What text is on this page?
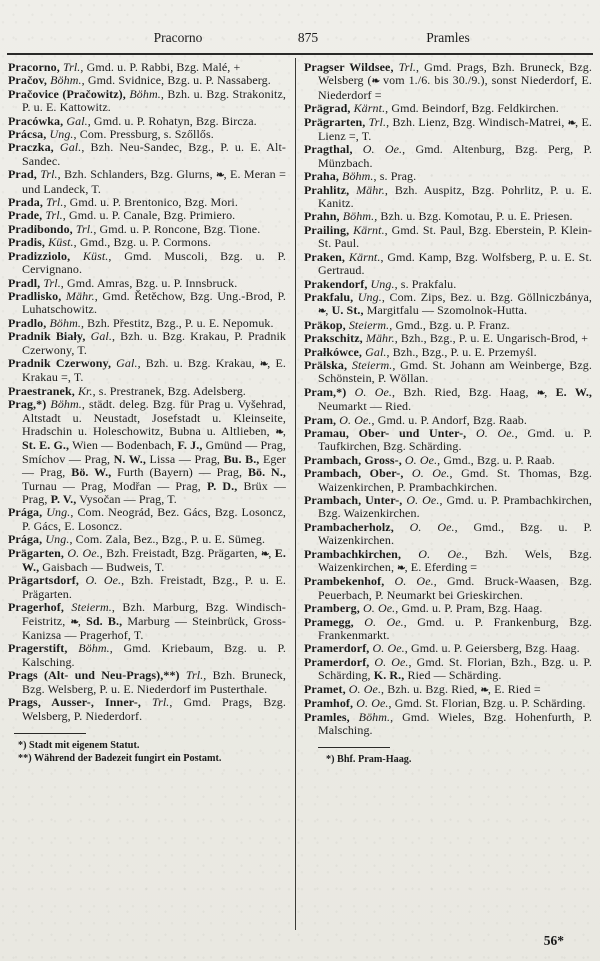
Pracorno	875	Pramles
Pracorno, Trl., Gmd. u. P. Rabbi, Bzg. Malé, +
Pračov, Böhm., Gmd. Svidnice, Bzg. u. P. Nassaberg.
Pračovice (Pračowitz), Böhm., Bzh. u. Bzg. Strakonitz, P. u. E. Kattowitz.
Pracówka, Gal., Gmd. u. P. Rohatyn, Bzg. Bircza.
Prácsa, Ung., Com. Pressburg, s. Szőllős.
Praczka, Gal., Bzh. Neu-Sandec, Bzg., P. u. E. Alt-Sandec.
Prad, Trl., Bzh. Schlanders, Bzg. Glurns, ❧, E. Meran = und Landeck, T.
Prada, Trl., Gmd. u. P. Brentonico, Bzg. Mori.
Prade, Trl., Gmd. u. P. Canale, Bzg. Primiero.
Pradibondo, Trl., Gmd. u. P. Roncone, Bzg. Tione.
Pradis, Küst., Gmd., Bzg. u. P. Cormons.
Pradizziolo, Küst., Gmd. Muscoli, Bzg. u. P. Cervignano.
Pradl, Trl., Gmd. Amras, Bzg. u. P. Innsbruck.
Pradlisko, Mähr., Gmd. Řetěchow, Bzg. Ung.-Brod, P. Luhatschowitz.
Pradlo, Böhm., Bzh. Přestitz, Bzg., P. u. E. Nepomuk.
Pradnik Biały, Gal., Bzh. u. Bzg. Krakau, P. Pradnik Czerwony, T.
Pradnik Czerwony, Gal., Bzh. u. Bzg. Krakau, ❧, E. Krakau =, T.
Praestranek, Kr., s. Prestranek, Bzg. Adelsberg.
Prag,*) Böhm., städt. deleg. Bzg. für Prag u. Vyšehrad, Altstadt u. Neustadt, Josefstadt u. Kleinseite, Hradschin u. Holeschowitz, Bubna u. Altlieben, ❧, St. E. G., Wien — Bodenbach, F. J., Gmünd — Prag, Smíchov — Prag, N. W., Lissa — Prag, Bu. B., Eger — Prag, Bö. W., Furth (Bayern) — Prag, Bö. N., Turnau — Prag, Modřan — Prag, P. D., Brüx — Prag, P. V., Vysočan — Prag, T.
Prága, Ung., Com. Neográd, Bez. Gács, Bzg. Losoncz, P. Gács, E. Losoncz.
Prága, Ung., Com. Zala, Bez., Bzg., P. u. E. Sümeg.
Prägarten, O. Oe., Bzh. Freistadt, Bzg. Prägarten, ❧, E. W., Gaisbach — Budweis, T.
Prägartsdorf, O. Oe., Bzh. Freistadt, Bzg., P. u. E. Prägarten.
Pragerhof, Steierm., Bzh. Marburg, Bzg. Windisch-Feistritz, ❧, Sd. B., Marburg — Steinbrück, Gross-Kanizsa — Pragerhof, T.
Pragerstift, Böhm., Gmd. Kriebaum, Bzg. u. P. Kalsching.
Prags (Alt- und Neu-Prags),**) Trl., Bzh. Bruneck, Bzg. Welsberg, P. u. E. Niederdorf im Pusterthale.
Prags, Ausser-, Inner-, Trl., Gmd. Prags, Bzg. Welsberg, P. Niederdorf.
*) Stadt mit eigenem Statut.
**) Während der Badezeit fungirt ein Postamt.
Pragser Wildsee, Trl., Gmd. Prags, Bzh. Bruneck, Bzg. Welsberg (❧ vom 1./6. bis 30./9.), sonst Niederdorf, E. Niederdorf =
Prägrad, Kärnt., Gmd. Beindorf, Bzg. Feldkirchen.
Prägrarten, Trl., Bzh. Lienz, Bzg. Windisch-Matrei, ❧, E. Lienz =, T.
Pragthal, O. Oe., Gmd. Altenburg, Bzg. Perg, P. Münzbach.
Praha, Böhm., s. Prag.
Prahlitz, Mähr., Bzh. Auspitz, Bzg. Pohrlitz, P. u. E. Kanitz.
Prahn, Böhm., Bzh. u. Bzg. Komotau, P. u. E. Priesen.
Prailing, Kärnt., Gmd. St. Paul, Bzg. Eberstein, P. Klein-St. Paul.
Praken, Kärnt., Gmd. Kamp, Bzg. Wolfsberg, P. u. E. St. Gertraud.
Prakendorf, Ung., s. Prakfalu.
Prakfalu, Ung., Com. Zips, Bez. u. Bzg. Göllniczbánya, ❧, U. St., Margitfalu — Szomolnok-Hutta.
Präkop, Steierm., Gmd., Bzg. u. P. Franz.
Prakschitz, Mähr., Bzh., Bzg., P. u. E. Ungarisch-Brod, +
Prałkówce, Gal., Bzh., Bzg., P. u. E. Przemyśl.
Prälska, Steierm., Gmd. St. Johann am Weinberge, Bzg. Schönstein, P. Wöllan.
Pram,*) O. Oe., Bzh. Ried, Bzg. Haag, ❧, E. W., Neumarkt — Ried.
Pram, O. Oe., Gmd. u. P. Andorf, Bzg. Raab.
Pramau, Ober- und Unter-, O. Oe., Gmd. u. P. Taufkirchen, Bzg. Schärding.
Prambach, Gross-, O. Oe., Gmd., Bzg. u. P. Raab.
Prambach, Ober-, O. Oe., Gmd. St. Thomas, Bzg. Waizenkirchen, P. Prambachkirchen.
Prambach, Unter-, O. Oe., Gmd. u. P. Prambachkirchen, Bzg. Waizenkirchen.
Prambacherholz, O. Oe., Gmd., Bzg. u. P. Waizenkirchen.
Prambachkirchen, O. Oe., Bzh. Wels, Bzg. Waizenkirchen, ❧, E. Eferding =
Prambekenhof, O. Oe., Gmd. Bruck-Waasen, Bzg. Peuerbach, P. Neumarkt bei Grieskirchen.
Pramberg, O. Oe., Gmd. u. P. Pram, Bzg. Haag.
Pramegg, O. Oe., Gmd. u. P. Frankenburg, Bzg. Frankenmarkt.
Pramerdorf, O. Oe., Gmd. u. P. Geiersberg, Bzg. Haag.
Pramerdorf, O. Oe., Gmd. St. Florian, Bzh., Bzg. u. P. Schärding, K. R., Ried — Schärding.
Pramet, O. Oe., Bzh. u. Bzg. Ried, ❧, E. Ried =
Pramhof, O. Oe., Gmd. St. Florian, Bzg. u. P. Schärding.
Pramles, Böhm., Gmd. Wieles, Bzg. Hohenfurth, P. Malsching.
*) Bhf. Pram-Haag.
56*
